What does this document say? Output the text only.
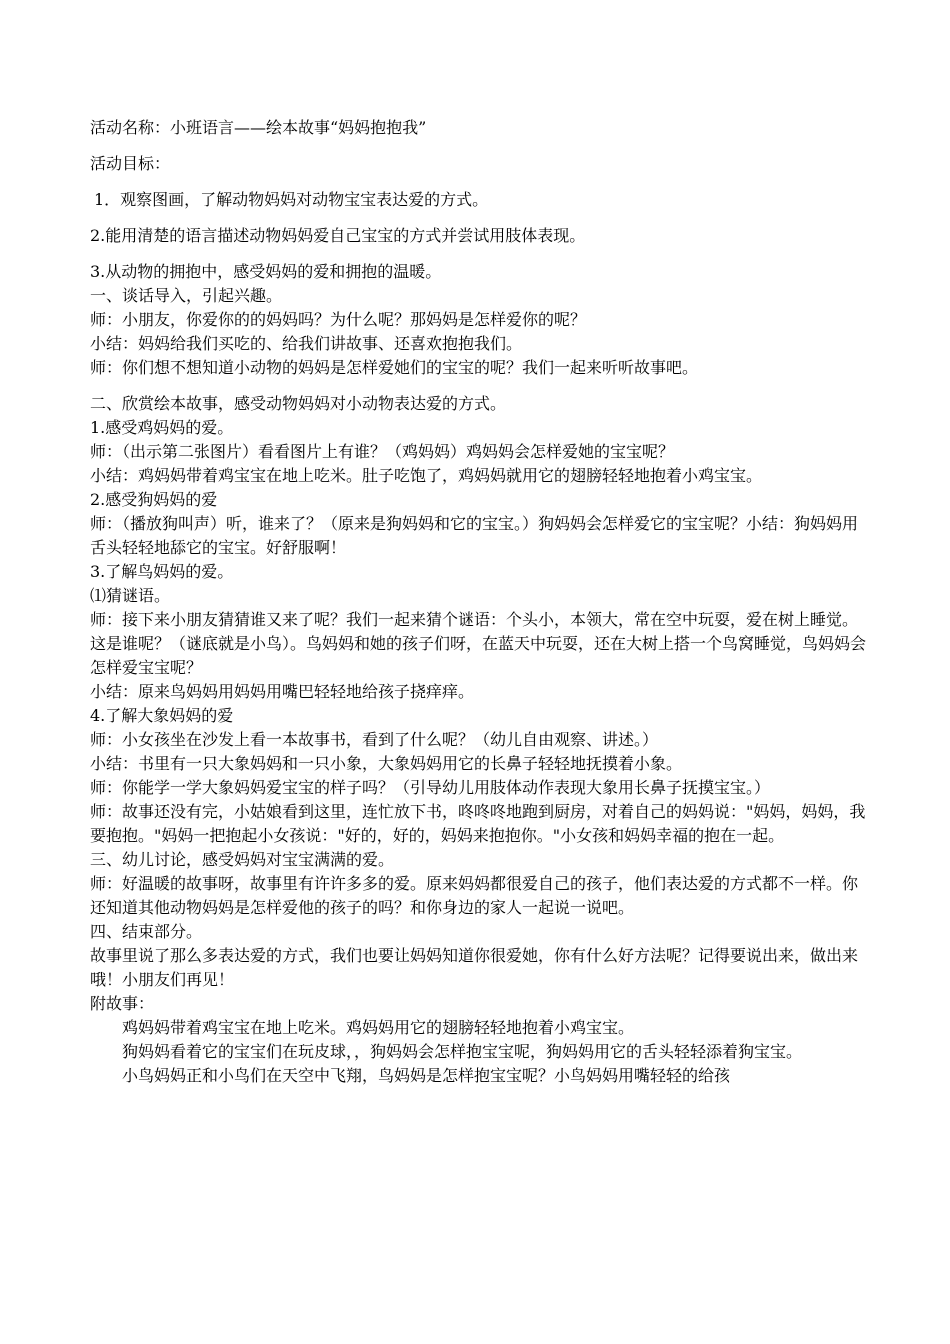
活动名称：小班语言——绘本故事“妈妈抱抱我”

活动目标：

1．观察图画，了解动物妈妈对动物宝宝表达爱的方式。

2.能用清楚的语言描述动物妈妈爱自己宝宝的方式并尝试用肢体表现。

3.从动物的拥抱中，感受妈妈的爱和拥抱的温暖。

一、谈话导入，引起兴趣。

师：小朋友，你爱你的的妈妈吗？为什么呢？那妈妈是怎样爱你的呢？

小结：妈妈给我们买吃的、给我们讲故事、还喜欢抱抱我们。

师：你们想不想知道小动物的妈妈是怎样爱她们的宝宝的呢？我们一起来听听故事吧。

二、欣赏绘本故事，感受动物妈妈对小动物表达爱的方式。

1.感受鸡妈妈的爱。

师：（出示第二张图片）看看图片上有谁？（鸡妈妈）鸡妈妈会怎样爱她的宝宝呢？

小结：鸡妈妈带着鸡宝宝在地上吃米。肚子吃饱了，鸡妈妈就用它的翅膀轻轻地抱着小鸡宝宝。

2.感受狗妈妈的爱

师：（播放狗叫声）听，谁来了？（原来是狗妈妈和它的宝宝。）狗妈妈会怎样爱它的宝宝呢？小结：狗妈妈用舌头轻轻地舔它的宝宝。好舒服啊！

3.了解鸟妈妈的爱。

⑴猜谜语。

师：接下来小朋友猜猜谁又来了呢？我们一起来猜个谜语：个头小，本领大，常在空中玩耍，爱在树上睡觉。这是谁呢？（谜底就是小鸟）。鸟妈妈和她的孩子们呀，在蓝天中玩耍，还在大树上搭一个鸟窝睡觉，鸟妈妈会怎样爱宝宝呢？

小结：原来鸟妈妈用妈妈用嘴巴轻轻地给孩子挠痒痒。

4.了解大象妈妈的爱

师：小女孩坐在沙发上看一本故事书，看到了什么呢？（幼儿自由观察、讲述。）

小结：书里有一只大象妈妈和一只小象，大象妈妈用它的长鼻子轻轻地抚摸着小象。

师：你能学一学大象妈妈爱宝宝的样子吗？（引导幼儿用肢体动作表现大象用长鼻子抚摸宝宝。）

师：故事还没有完，小姑娘看到这里，连忙放下书，咚咚咚地跑到厨房，对着自己的妈妈说："妈妈，妈妈，我要抱抱。"妈妈一把抱起小女孩说："好的，好的，妈妈来抱抱你。"小女孩和妈妈幸福的抱在一起。

三、幼儿讨论，感受妈妈对宝宝满满的爱。

师：好温暖的故事呀，故事里有许许多多的爱。原来妈妈都很爱自己的孩子，他们表达爱的方式都不一样。你还知道其他动物妈妈是怎样爱他的孩子的吗？和你身边的家人一起说一说吧。

四、结束部分。

故事里说了那么多表达爱的方式，我们也要让妈妈知道你很爱她，你有什么好方法呢？记得要说出来，做出来哦！小朋友们再见！

附故事：

鸡妈妈带着鸡宝宝在地上吃米。鸡妈妈用它的翅膀轻轻地抱着小鸡宝宝。

狗妈妈看着它的宝宝们在玩皮球，，狗妈妈会怎样抱宝宝呢，狗妈妈用它的舌头轻轻添着狗宝宝。

小鸟妈妈正和小鸟们在天空中飞翔，鸟妈妈是怎样抱宝宝呢？小鸟妈妈用嘴轻轻的给孩
